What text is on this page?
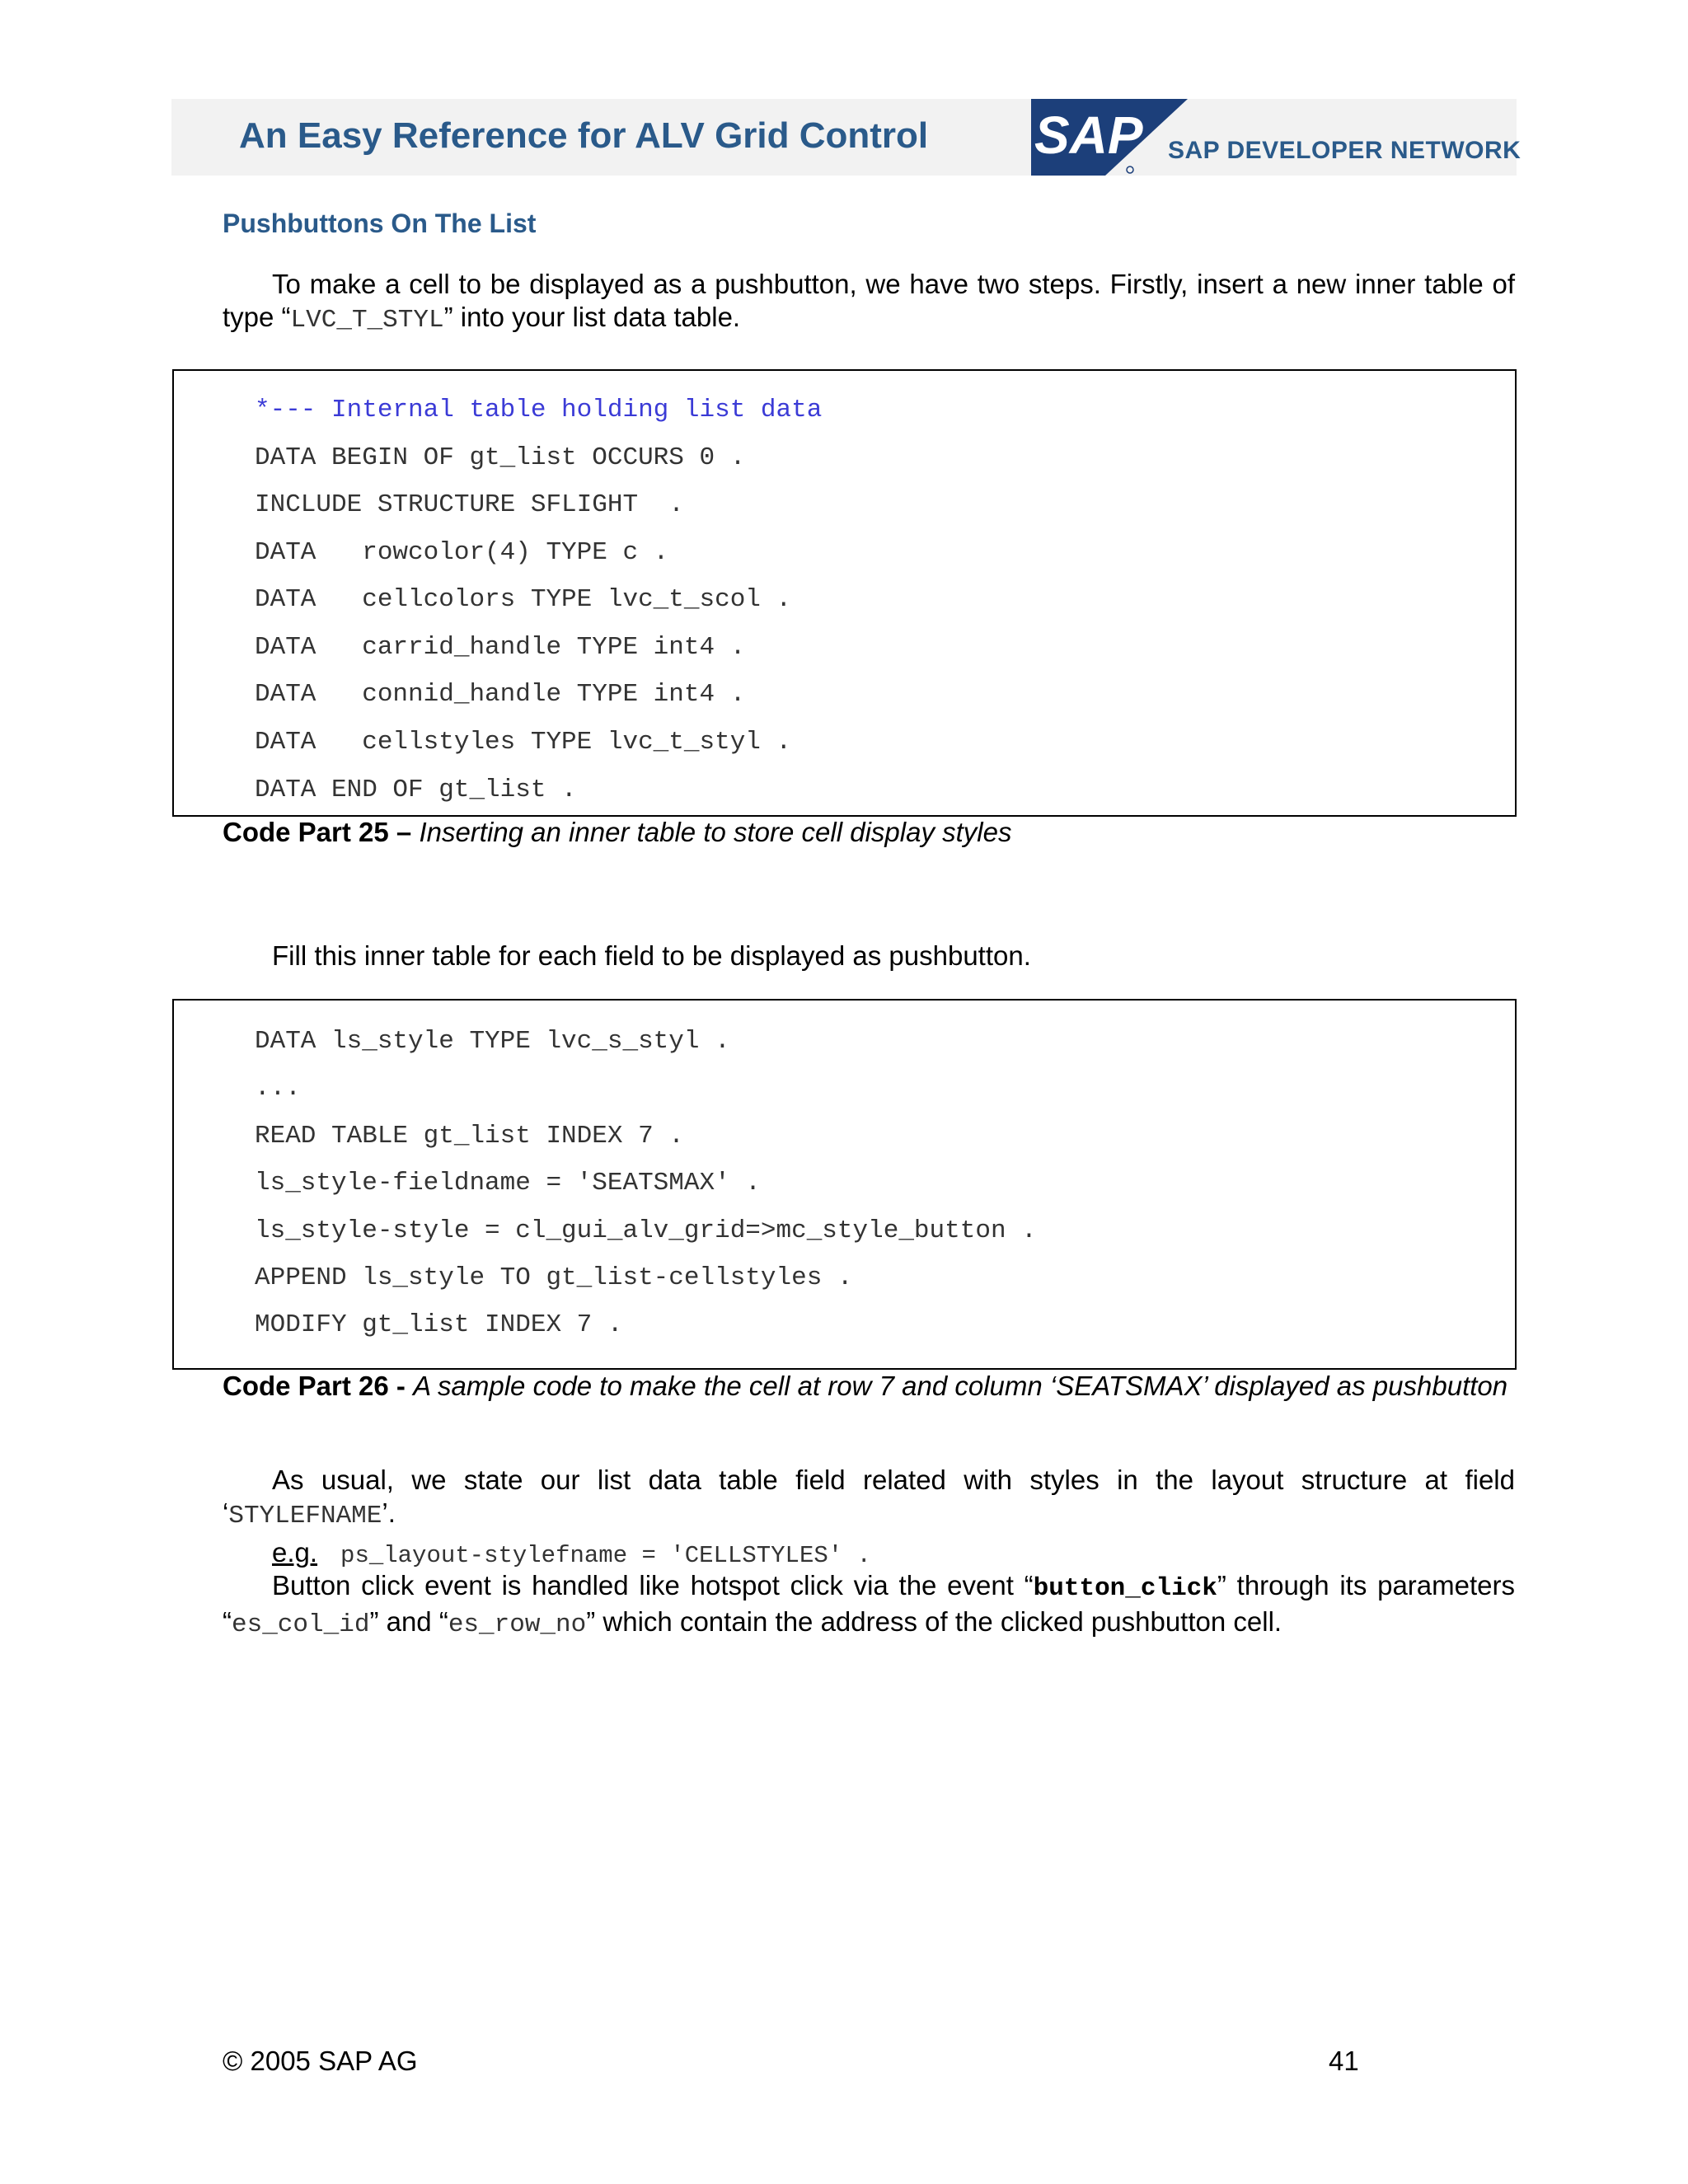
An Easy Reference for ALV Grid Control SAP SAP DEVELOPER NETWORK
Pushbuttons On The List
To make a cell to be displayed as a pushbutton, we have two steps. Firstly, insert a new inner table of type “LVC_T_STYL” into your list data table.
*--- Internal table holding list data
DATA BEGIN OF gt_list OCCURS 0 .
INCLUDE STRUCTURE SFLIGHT  .
DATA   rowcolor(4) TYPE c .
DATA   cellcolors TYPE lvc_t_scol .
DATA   carrid_handle TYPE int4 .
DATA   connid_handle TYPE int4 .
DATA   cellstyles TYPE lvc_t_styl .
DATA END OF gt_list .
Code Part 25 – Inserting an inner table to store cell display styles
Fill this inner table for each field to be displayed as pushbutton.
DATA ls_style TYPE lvc_s_styl .
...
READ TABLE gt_list INDEX 7 .
ls_style-fieldname = 'SEATSMAX' .
ls_style-style = cl_gui_alv_grid=>mc_style_button .
APPEND ls_style TO gt_list-cellstyles .
MODIFY gt_list INDEX 7 .
Code Part 26 - A sample code to make the cell at row 7 and column ‘SEATSMAX’ displayed as pushbutton
As usual, we state our list data table field related with styles in the layout structure at field ‘STYLEFNAME’.
e.g. ps_layout-stylefname = 'CELLSTYLES' .
Button click event is handled like hotspot click via the event “button_click” through its parameters “es_col_id” and “es_row_no” which contain the address of the clicked pushbutton cell.
© 2005 SAP AG	41
